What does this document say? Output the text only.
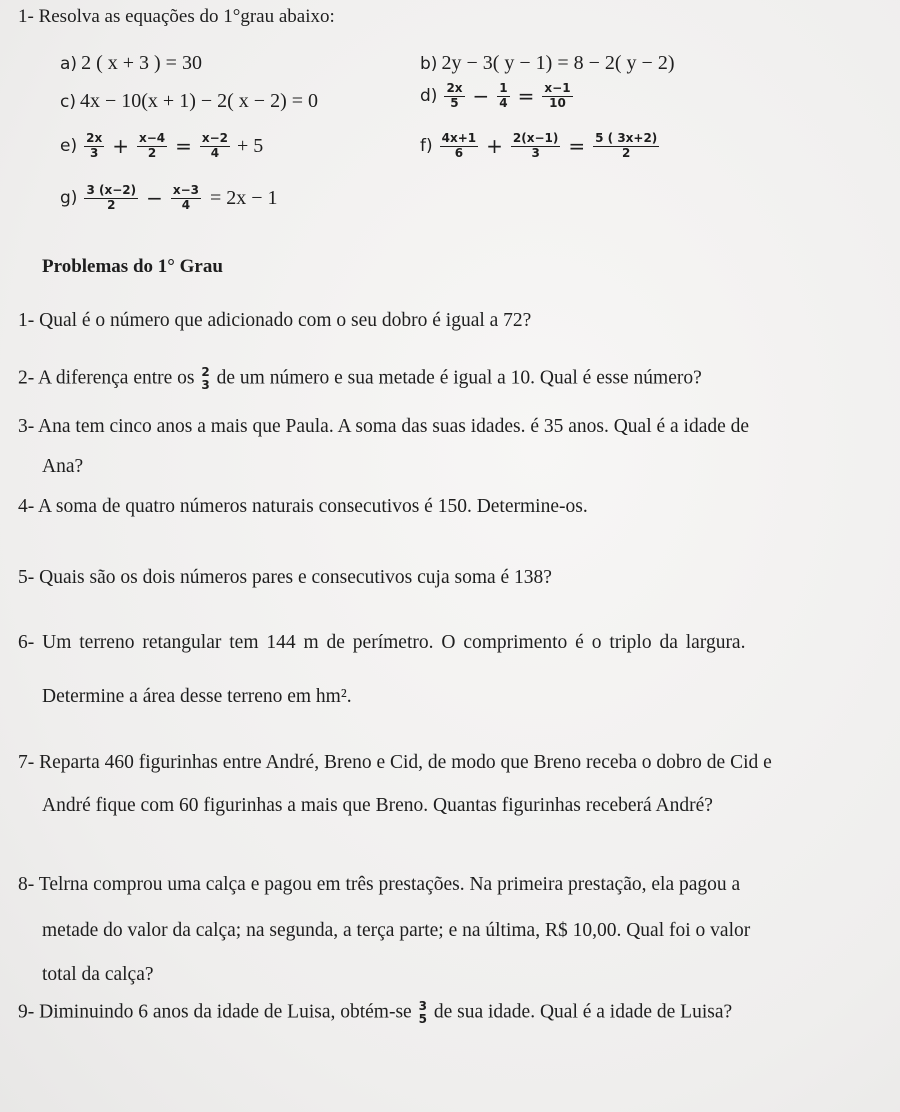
1- Resolva as equações do 1°grau abaixo:
a) 2 ( x + 3 ) = 30	b) 2y − 3( y − 1) = 8 − 2( y − 2)
c) 4x − 10(x + 1) − 2( x − 2) = 0	$d) \frac{2x}{5} - \frac{1}{4} = \frac{x-1}{10}$
$e) \frac{2x}{3} + \frac{x-4}{2} = \frac{x-2}{4} + 5$	$f) \frac{4x+1}{6} + \frac{2(x-1)}{3} = \frac{5 ( 3x+2)}{2}$
$g) \frac{3 (x-2)}{2} - \frac{x-3}{4} = 2x - 1$
Problemas do 1° Grau
1- Qual é o número que adicionado com o seu dobro é igual a 72?
2- A diferença entre os 2
3 de um número e sua metade é igual a 10. Qual é esse número?
3- Ana tem cinco anos a mais que Paula. A soma das suas idades. é 35 anos. Qual é a idade de
Ana?
4- A soma de quatro números naturais consecutivos é 150. Determine-os.
5- Quais são os dois números pares e consecutivos cuja soma é 138?
6- Um terreno retangular tem 144 m de perímetro. O comprimento é o triplo da largura.
Determine a área desse terreno em hm².
7- Reparta 460 figurinhas entre André, Breno e Cid, de modo que Breno receba o dobro de Cid e
André fique com 60 figurinhas a mais que Breno. Quantas figurinhas receberá André?
8- Telrna comprou uma calça e pagou em três prestações. Na primeira prestação, ela pagou a
metade do valor da calça; na segunda, a terça parte; e na última, R$ 10,00. Qual foi o valor
total da calça?
9- Diminuindo 6 anos da idade de Luisa, obtém-se 3
5 de sua idade. Qual é a idade de Luisa?
